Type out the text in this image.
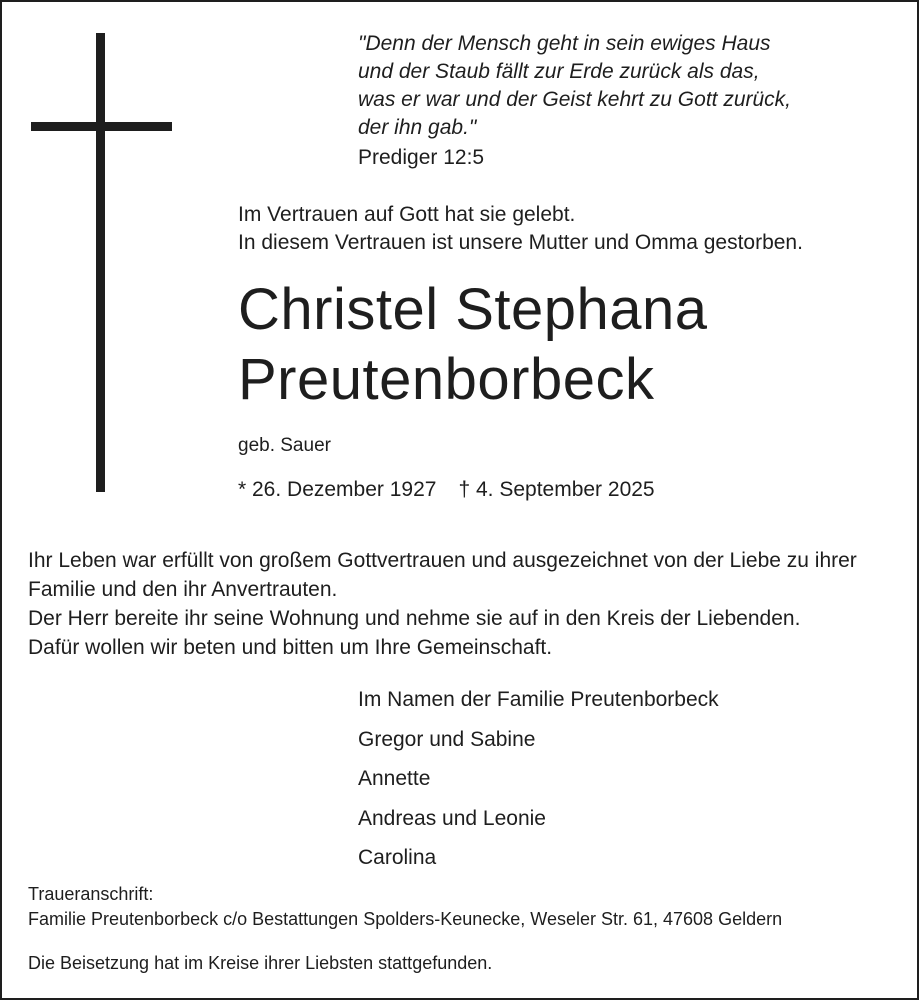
"Denn der Mensch geht in sein ewiges Haus
und der Staub fällt zur Erde zurück als das,
was er war und der Geist kehrt zu Gott zurück,
der ihn gab."
Prediger 12:5
Im Vertrauen auf Gott hat sie gelebt.
In diesem Vertrauen ist unsere Mutter und Omma gestorben.
Christel Stephana
Preutenborbeck
geb. Sauer
* 26. Dezember 1927 † 4. September 2025
Ihr Leben war erfüllt von großem Gottvertrauen und ausgezeichnet von der Liebe zu ihrer
Familie und den ihr Anvertrauten.
Der Herr bereite ihr seine Wohnung und nehme sie auf in den Kreis der Liebenden.
Dafür wollen wir beten und bitten um Ihre Gemeinschaft.
Im Namen der Familie Preutenborbeck
Gregor und Sabine
Annette
Andreas und Leonie
Carolina
Traueranschrift:
Familie Preutenborbeck c/o Bestattungen Spolders-Keunecke, Weseler Str. 61, 47608 Geldern
Die Beisetzung hat im Kreise ihrer Liebsten stattgefunden.
